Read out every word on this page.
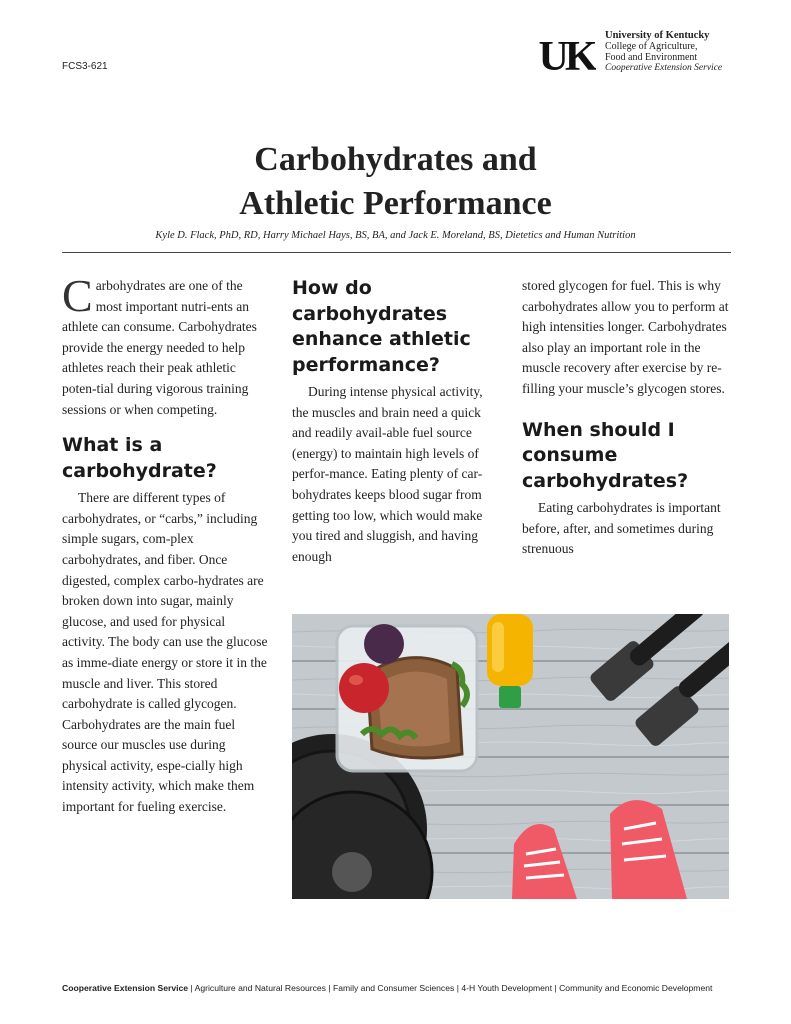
FCS3-621	UK	University of Kentucky
College of Agriculture,
Food and Environment
Cooperative Extension Service
Carbohydrates and
Athletic Performance
Kyle D. Flack, PhD, RD, Harry Michael Hays, BS, BA, and Jack E. Moreland, BS, Dietetics and Human Nutrition

Carbohydrates are one of the most important nutri-ents an athlete can consume. Carbohydrates provide the energy needed to help athletes reach their peak athletic poten-tial during vigorous training sessions or when competing.

What is a carbohydrate?

There are different types of carbohydrates, or “carbs,” including simple sugars, com-plex carbohydrates, and fiber. Once digested, complex carbo-hydrates are broken down into sugar, mainly glucose, and used for physical activity. The body can use the glucose as imme-diate energy or store it in the muscle and liver. This stored carbohydrate is called glycogen. Carbohydrates are the main fuel source our muscles use during physical activity, espe-cially high intensity activity, which make them important for fueling exercise.

How do carbohydrates enhance athletic performance?

During intense physical activity, the muscles and brain need a quick and readily avail-able fuel source (energy) to maintain high levels of perfor-mance. Eating plenty of car-bohydrates keeps blood sugar from getting too low, which would make you tired and sluggish, and having enough

stored glycogen for fuel. This is why carbohydrates allow you to perform at high intensities longer. Carbohydrates also play an important role in the muscle recovery after exercise by re-filling your muscle’s glycogen stores.

When should I consume carbohydrates?

Eating carbohydrates is important before, after, and sometimes during strenuous

Cooperative Extension Service | Agriculture and Natural Resources | Family and Consumer Sciences | 4-H Youth Development | Community and Economic Development
